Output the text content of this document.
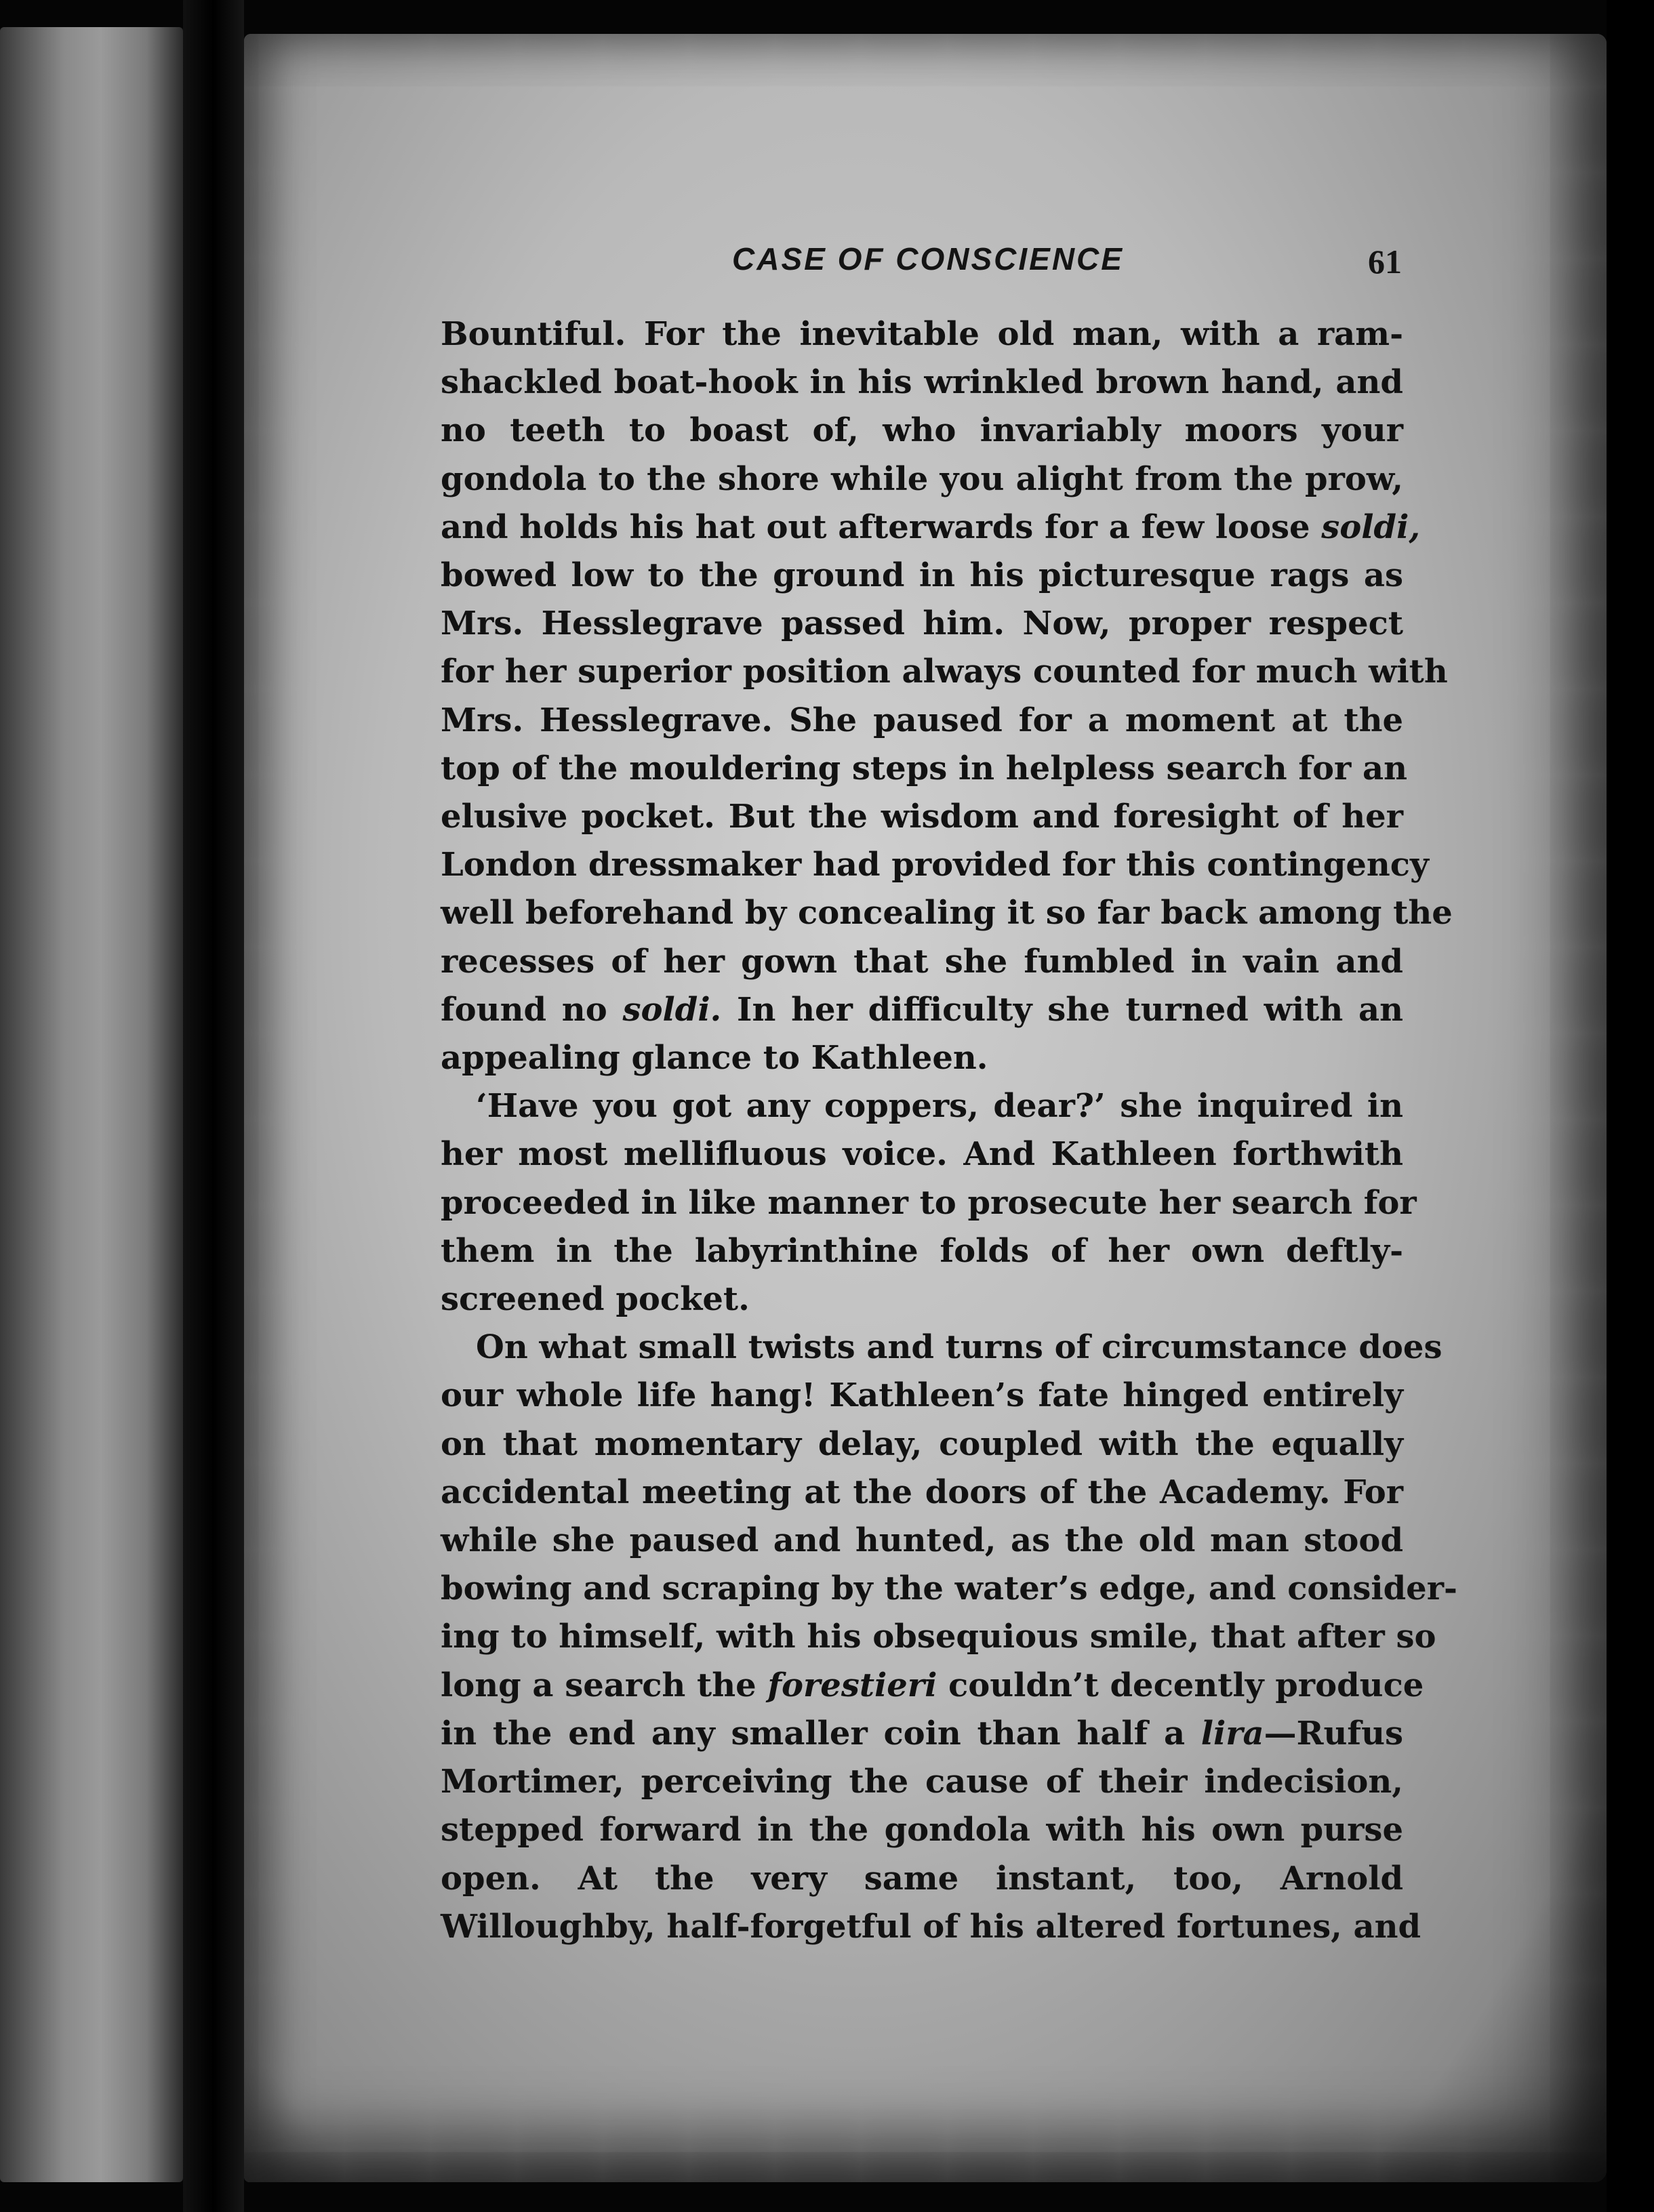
CASE OF CONSCIENCE	61
Bountiful. For the inevitable old man, with a ram-
shackled boat-hook in his wrinkled brown hand, and
no teeth to boast of, who invariably moors your
gondola to the shore while you alight from the prow,
and holds his hat out afterwards for a few loose soldi,
bowed low to the ground in his picturesque rags as
Mrs. Hesslegrave passed him. Now, proper respect
for her superior position always counted for much with
Mrs. Hesslegrave. She paused for a moment at the
top of the mouldering steps in helpless search for an
elusive pocket. But the wisdom and foresight of her
London dressmaker had provided for this contingency
well beforehand by concealing it so far back among the
recesses of her gown that she fumbled in vain and
found no soldi. In her difficulty she turned with an
appealing glance to Kathleen.
‘Have you got any coppers, dear?’ she inquired in
her most mellifluous voice. And Kathleen forthwith
proceeded in like manner to prosecute her search for
them in the labyrinthine folds of her own deftly-
screened pocket.
On what small twists and turns of circumstance does
our whole life hang! Kathleen’s fate hinged entirely
on that momentary delay, coupled with the equally
accidental meeting at the doors of the Academy. For
while she paused and hunted, as the old man stood
bowing and scraping by the water’s edge, and consider-
ing to himself, with his obsequious smile, that after so
long a search the forestieri couldn’t decently produce
in the end any smaller coin than half a lira—Rufus
Mortimer, perceiving the cause of their indecision,
stepped forward in the gondola with his own purse
open. At the very same instant, too, Arnold
Willoughby, half-forgetful of his altered fortunes, and
